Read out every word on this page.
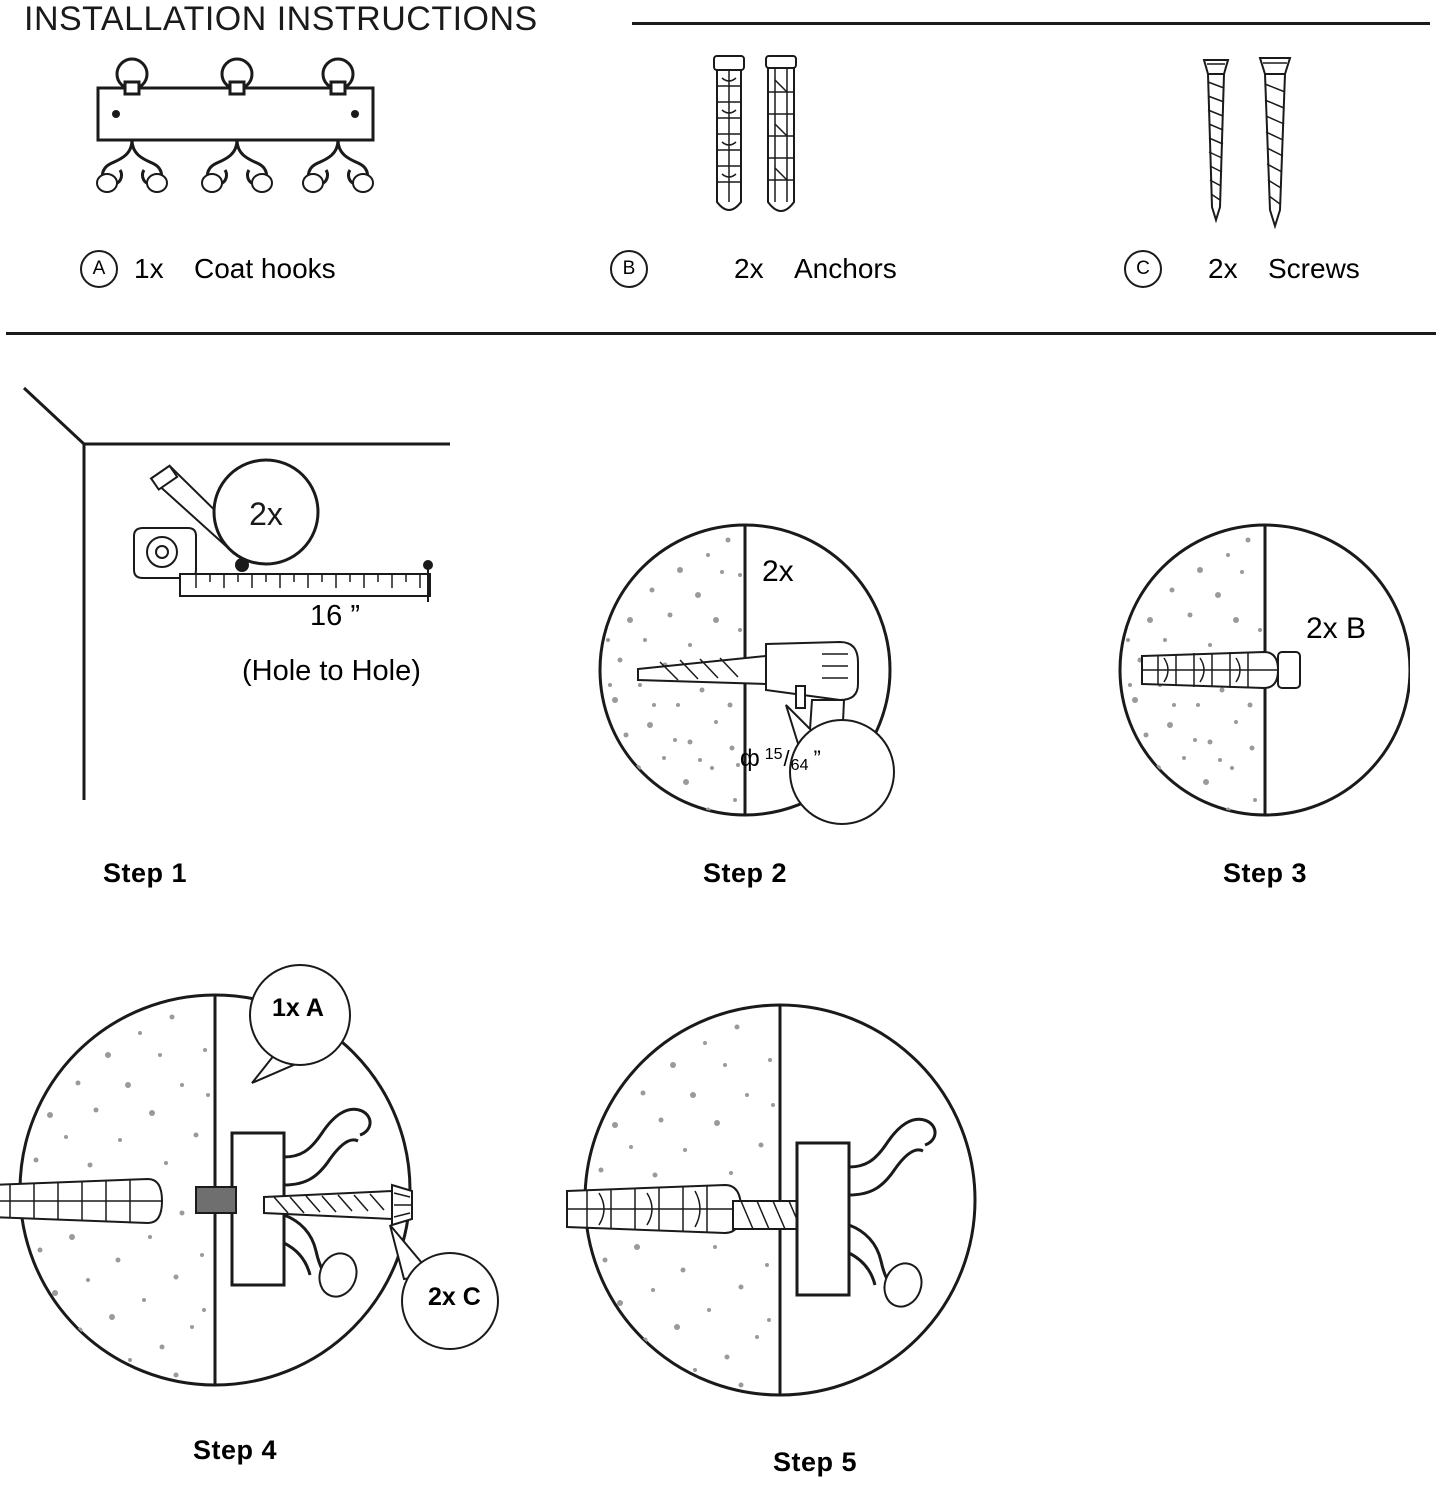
INSTALLATION INSTRUCTIONS
A	1x	Coat hooks	B	2x	Anchors	C	2x	Screws
2x
16 ”
(Hole to Hole)
Step 1
2x
ф 15 / 64 ”
Step 2
2x B
Step 3
1x A
2x C
Step 4	Step 5
